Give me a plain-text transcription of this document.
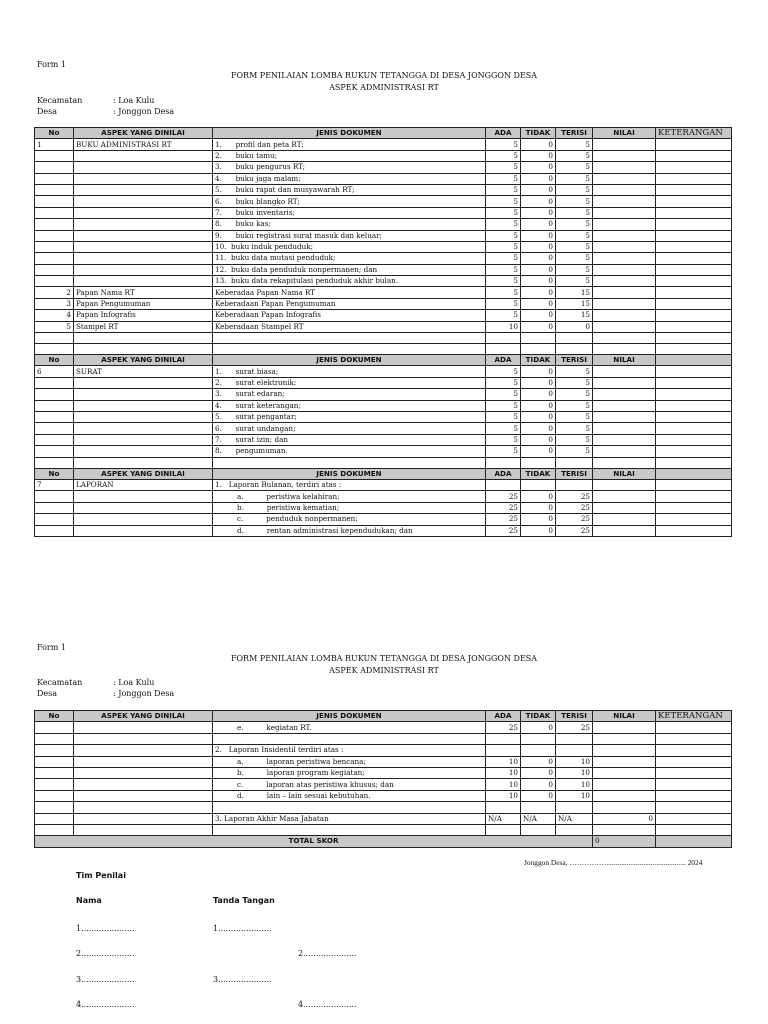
Form 1
FORM PENILAIAN LOMBA RUKUN TETANGGA DI DESA JONGGON DESA
ASPEK ADMINISTRASI RT
Kecamatan	: Loa Kulu
Desa	: Jonggon Desa
No	ASPEK YANG DINILAI	JENIS DOKUMEN	ADA	TIDAK	TERISI	NILAI	KETERANGAN
1	BUKU ADMINISTRASI RT	1.      profil dan peta RT;	5	0	5		
		2.      buku tamu;	5	0	5		
		3.      buku pengurus RT;	5	0	5		
		4.      buku jaga malam;	5	0	5		
		5.      buku rapat dan musyawarah RT;	5	0	5		
		6.      buku blangko RT;	5	0	5		
		7.      buku inventaris;	5	0	5		
		8.      buku kas;	5	0	5		
		9.      buku registrasi surat masuk dan keluar;	5	0	5		
		10.  buku induk penduduk;	5	0	5		
		11.  buku data mutasi penduduk;	5	0	5		
		12.  buku data penduduk nonpermanen; dan	5	0	5		
		13.  buku data rekapitulasi penduduk akhir bulan.	5	0	5		
2	Papan Nama RT	Keberadaa Papan Nama RT	5	0	15		
3	Papan Pengumuman	Keberadaan Papan Pengumuman	5	0	15		
4	Papan Infografis	Keberadaan Papan Infografis	5	0	15		
5	Stampel RT	Keberadaan Stampel RT	10	0	0		

No	ASPEK YANG DINILAI	JENIS DOKUMEN	ADA	TIDAK	TERISI	NILAI	
6	SURAT	1.      surat biasa;	5	0	5		
		2.      surat elektronik;	5	0	5		
		3.      surat edaran;	5	0	5		
		4.      surat keterangan;	5	0	5		
		5.      surat pengantar;	5	0	5		
		6.      surat undangan;	5	0	5		
		7.      surat izin; dan	5	0	5		
		8.      pengumuman.	5	0	5		

No	ASPEK YANG DINILAI	JENIS DOKUMEN	ADA	TIDAK	TERISI	NILAI	
7	LAPORAN	1.   Laporan Bulanan, terdiri atas :					
		a.          peristiwa kelahiran;	25	0	25		
		b.          peristiwa kematian;	25	0	25		
		c.          penduduk nonpermanen;	25	0	25		
		d.          rentan administrasi kependudukan; dan	25	0	25		
Form 1
FORM PENILAIAN LOMBA RUKUN TETANGGA DI DESA JONGGON DESA
ASPEK ADMINISTRASI RT
Kecamatan	: Loa Kulu
Desa	: Jonggon Desa
No	ASPEK YANG DINILAI	JENIS DOKUMEN	ADA	TIDAK	TERISI	NILAI	KETERANGAN
		e.          kegiatan RT.	25	0	25		

		2.   Laporan Insidentil terdiri atas :					
		a.          laporan peristiwa bencana;	10	0	10		
		b.          laporan program kegiatan;	10	0	10		
		c.          laporan atas peristiwa khusus; dan	10	0	10		
		d.          lain – lain sesuai kebutuhan.	10	0	10		

		3. Laporan Akhir Masa Jabatan	N/A	N/A	N/A	0	

TOTAL SKOR						0	
Jonggon Desa, ……………........................................... 2024
Tim Penilai
Nama	Tanda Tangan
1.....................	1.....................
2.....................	2.....................
3.....................	3.....................
4.....................	4.....................
